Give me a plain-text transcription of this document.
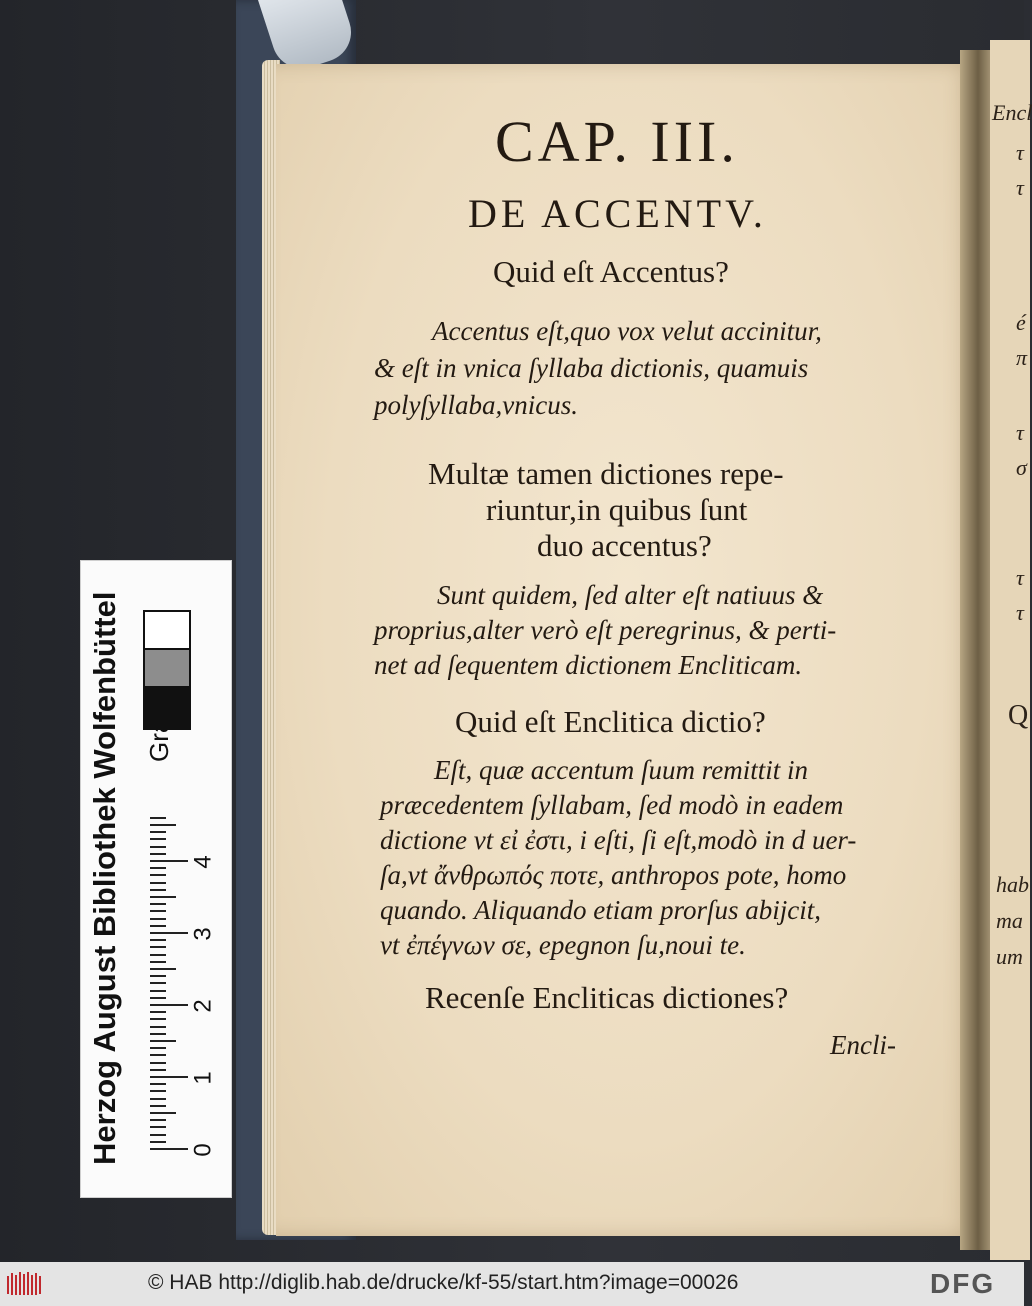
Encl
τ
τ
é
π
τ
σ
τ
τ
Q
hab
ma
um
CAP. III.
DE ACCENTV.
Quid eſt Accentus?
Accentus eſt,quo vox velut accinitur,
& eſt in vnica ſyllaba dictionis, quamuis
polyſyllaba,vnicus.
Multæ tamen dictiones repe-
riuntur,in quibus ſunt
duo accentus?
Sunt quidem, ſed alter eſt natiuus &
proprius,alter verò eſt peregrinus, & perti-
net ad ſequentem dictionem Encliticam.
Quid eſt Enclitica dictio?
Eſt, quæ accentum ſuum remittit in
præcedentem ſyllabam, ſed modò in eadem
dictione vt εἰ ἐστι, i eſti, ſi eſt,modò in d uer-
ſa,vt ἄνθρωπός ποτε, anthropos pote, homo
quando. Aliquando etiam prorſus abijcit,
vt ἐπέγνων σε, epegnon ſu,noui te.
Recenſe Encliticas dictiones?
Encli-
Herzog August Bibliothek Wolfenbüttel	0
1
2
3
4
© HAB http://diglib.hab.de/drucke/kf-55/start.htm?image=00026	DFG
